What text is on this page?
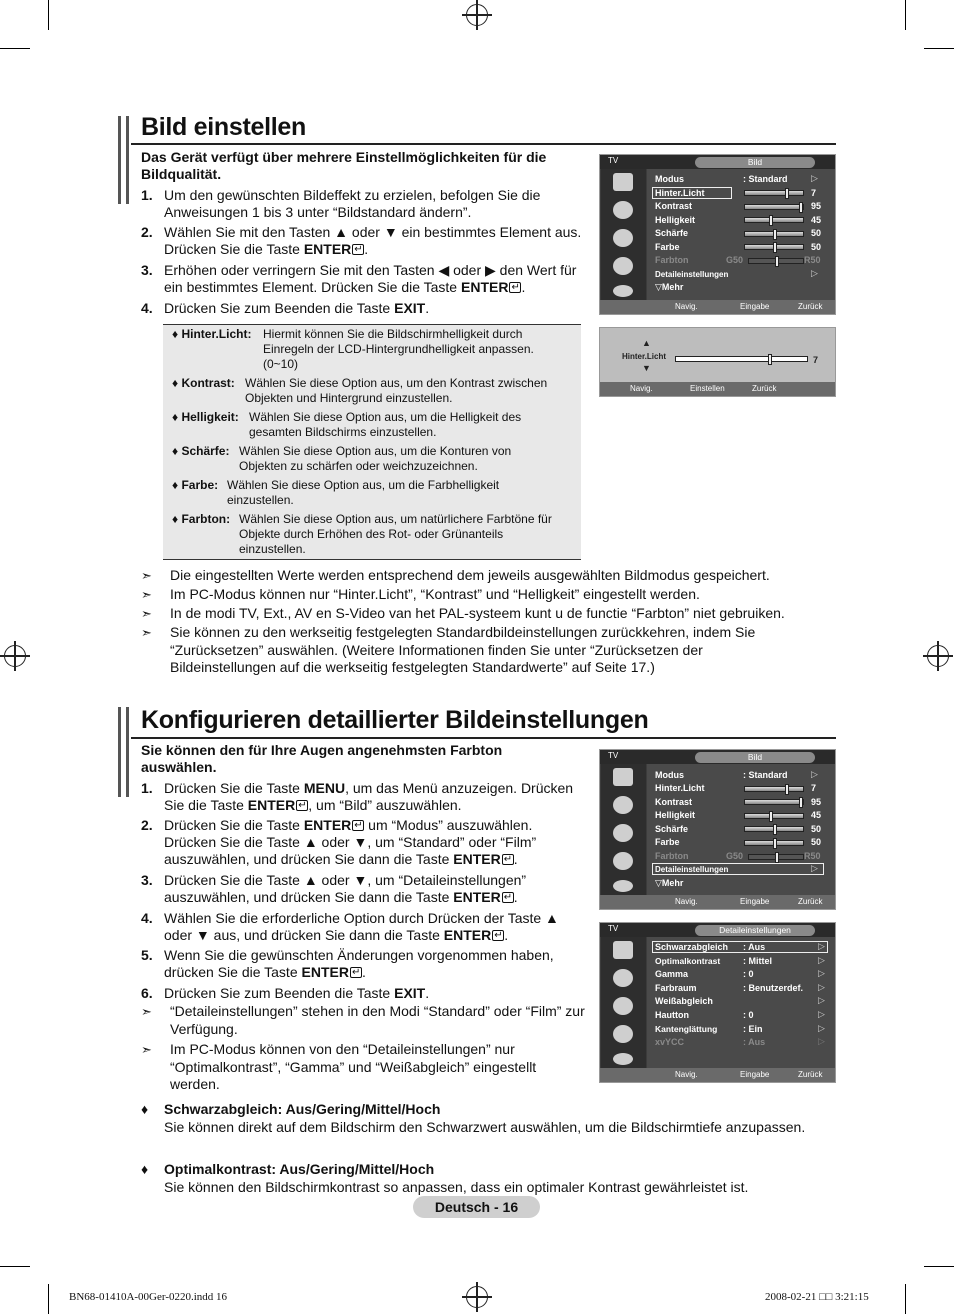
Bild einstellen
Das Gerät verfügt über mehrere Einstellmöglichkeiten für die Bildqualität.
1. Um den gewünschten Bildeffekt zu erzielen, befolgen Sie die Anweisungen 1 bis 3 unter “Bildstandard ändern”.
2. Wählen Sie mit den Tasten ▲ oder ▼ ein bestimmtes Element aus. Drücken Sie die Taste ENTER ↵ .
3. Erhöhen oder verringern Sie mit den Tasten ◀ oder ▶ den Wert für ein bestimmtes Element. Drücken Sie die Taste ENTER ↵ .
4. Drücken Sie zum Beenden die Taste EXIT.
♦ Hinter.Licht: Hiermit können Sie die Bildschirmhelligkeit durch Einregeln der LCD-Hintergrundhelligkeit anpassen. (0~10)
♦ Kontrast: Wählen Sie diese Option aus, um den Kontrast zwischen Objekten und Hintergrund einzustellen.
♦ Helligkeit: Wählen Sie diese Option aus, um die Helligkeit des gesamten Bildschirms einzustellen.
♦ Schärfe: Wählen Sie diese Option aus, um die Konturen von Objekten zu schärfen oder weichzuzeichnen.
♦ Farbe: Wählen Sie diese Option aus, um die Farbhelligkeit einzustellen.
♦ Farbton: Wählen Sie diese Option aus, um natürlichere Farbtöne für Objekte durch Erhöhen des Rot- oder Grünanteils einzustellen.
➣ Die eingestellten Werte werden entsprechend dem jeweils ausgewählten Bildmodus gespeichert.
➣ Im PC-Modus können nur “Hinter.Licht”, “Kontrast” und “Helligkeit” eingestellt werden.
➣ In de modi TV, Ext., AV en S-Video van het PAL-systeem kunt u de functie “Farbton” niet gebruiken.
➣ Sie können zu den werkseitig festgelegten Standardbildeinstellungen zurückkehren, indem Sie “Zurücksetzen” auswählen. (Weitere Informationen finden Sie unter “Zurücksetzen der Bildeinstellungen auf die werkseitig festgelegten Standardwerte” auf Seite 17.)
TV	Bild
Modus	: Standard	▷
Hinter.Licht	7
Kontrast	95
Helligkeit	45
Schärfe	50
Farbe	50
Farbton	G50	R50
Detaileinstellungen	▷
▽Mehr
Navig.	Eingabe	Zurück
▲
Hinter.Licht	7
▼
Navig.	Einstellen	Zurück
Konfigurieren detaillierter Bildeinstellungen
Sie können den für Ihre Augen angenehmsten Farbton auswählen.
1. Drücken Sie die Taste MENU, um das Menü anzuzeigen. Drücken Sie die Taste ENTER ↵ , um “Bild” auszuwählen.
2. Drücken Sie die Taste ENTER↵ um “Modus” auszuwählen. Drücken Sie die Taste ▲ oder ▼, um “Standard” oder “Film” auszuwählen, und drücken Sie dann die Taste ENTER ↵ .
3. Drücken Sie die Taste ▲ oder ▼, um “Detaileinstellungen” auszuwählen, und drücken Sie dann die Taste ENTER ↵ .
4. Wählen Sie die erforderliche Option durch Drücken der Taste ▲ oder ▼ aus, und drücken Sie dann die Taste ENTER ↵ .
5. Wenn Sie die gewünschten Änderungen vorgenommen haben, drücken Sie die Taste ENTER ↵ .
6. Drücken Sie zum Beenden die Taste EXIT.
➣ “Detaileinstellungen” stehen in den Modi “Standard” oder “Film” zur Verfügung.
➣ Im PC-Modus können von den “Detaileinstellungen” nur “Optimalkontrast”, “Gamma” und “Weißabgleich” eingestellt werden.
♦ Schwarzabgleich: Aus/Gering/Mittel/Hoch
Sie können direkt auf dem Bildschirm den Schwarzwert auswählen, um die Bildschirmtiefe anzupassen.
♦ Optimalkontrast: Aus/Gering/Mittel/Hoch
Sie können den Bildschirmkontrast so anpassen, dass ein optimaler Kontrast gewährleistet ist.
TV	Bild
Modus	: Standard	▷
Hinter.Licht	7
Kontrast	95
Helligkeit	45
Schärfe	50
Farbe	50
Farbton	G50	R50
Detaileinstellungen	▷
▽Mehr
Navig.	Eingabe	Zurück
TV	Detaileinstellungen
Schwarzabgleich : Aus	▷
Optimalkontrast	: Mittel	▷
Gamma	: 0	▷
Farbraum	: Benutzerdef. ▷
Weißabgleich	▷
Hautton	: 0	▷
Kantenglättung	: Ein	▷
xvYCC	: Aus	▷
Navig.	Eingabe	Zurück
Deutsch - 16
BN68-01410A-00Ger-0220.indd 16	2008-02-21 □□ 3:21:15
